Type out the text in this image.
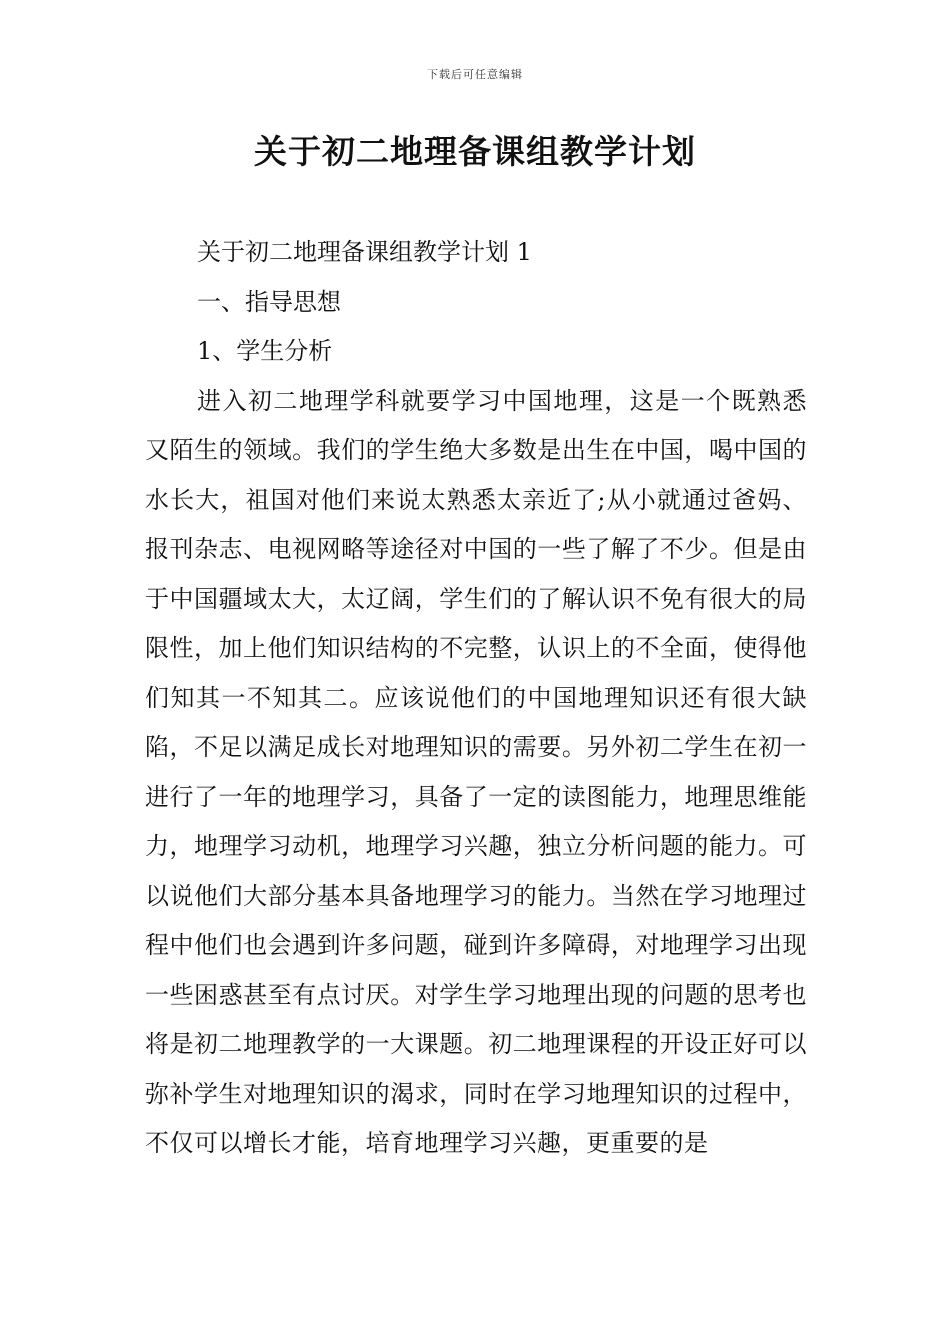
下载后可任意编辑
关于初二地理备课组教学计划

关于初二地理备课组教学计划 1

一、指导思想

1、学生分析

进入初二地理学科就要学习中国地理，这是一个既熟悉又陌生的领域。我们的学生绝大多数是出生在中国，喝中国的水长大，祖国对他们来说太熟悉太亲近了;从小就通过爸妈、报刊杂志、电视网略等途径对中国的一些了解了不少。但是由于中国疆域太大，太辽阔，学生们的了解认识不免有很大的局限性，加上他们知识结构的不完整，认识上的不全面，使得他们知其一不知其二。应该说他们的中国地理知识还有很大缺陷，不足以满足成长对地理知识的需要。另外初二学生在初一进行了一年的地理学习，具备了一定的读图能力，地理思维能力，地理学习动机，地理学习兴趣，独立分析问题的能力。可以说他们大部分基本具备地理学习的能力。当然在学习地理过程中他们也会遇到许多问题，碰到许多障碍，对地理学习出现一些困惑甚至有点讨厌。对学生学习地理出现的问题的思考也将是初二地理教学的一大课题。初二地理课程的开设正好可以弥补学生对地理知识的渴求，同时在学习地理知识的过程中，不仅可以增长才能，培育地理学习兴趣，更重要的是
